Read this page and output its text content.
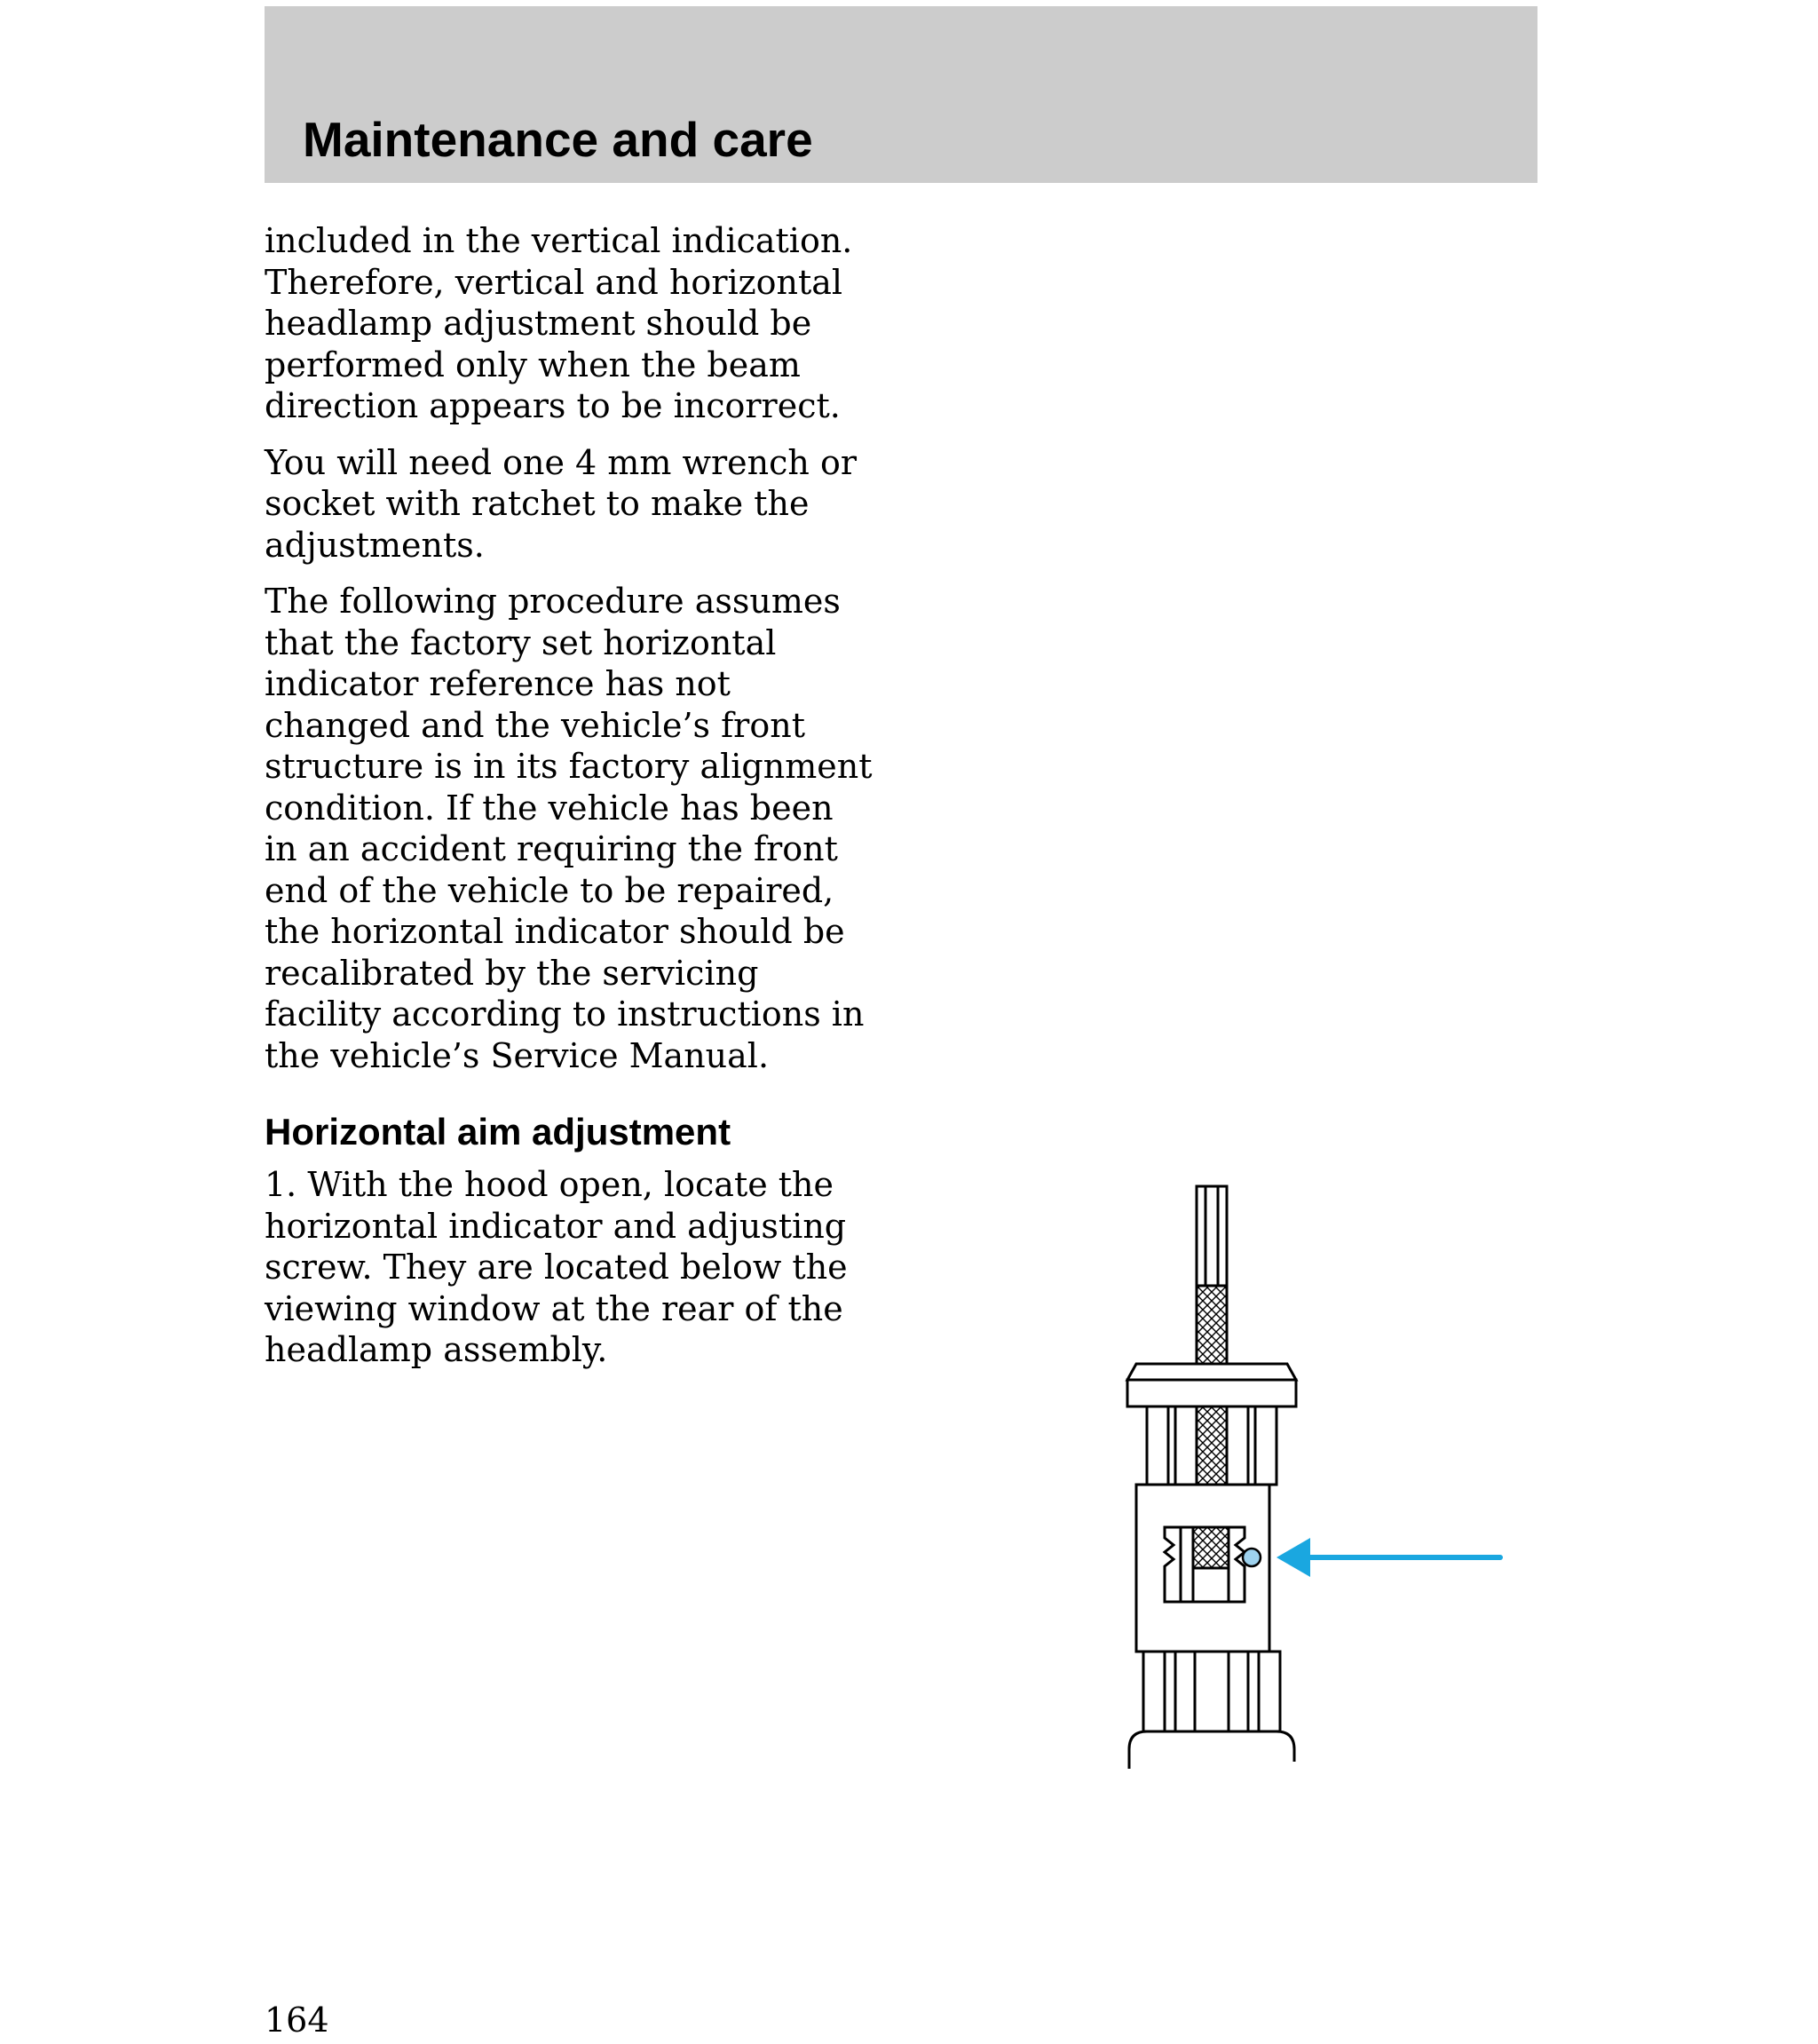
Maintenance and care

included in the vertical indication.
Therefore, vertical and horizontal
headlamp adjustment should be
performed only when the beam
direction appears to be incorrect.

You will need one 4 mm wrench or
socket with ratchet to make the
adjustments.

The following procedure assumes
that the factory set horizontal
indicator reference has not
changed and the vehicle’s front
structure is in its factory alignment
condition. If the vehicle has been
in an accident requiring the front
end of the vehicle to be repaired,
the horizontal indicator should be
recalibrated by the servicing
facility according to instructions in
the vehicle’s Service Manual.

Horizontal aim adjustment

1. With the hood open, locate the
horizontal indicator and adjusting
screw. They are located below the
viewing window at the rear of the
headlamp assembly.

164
